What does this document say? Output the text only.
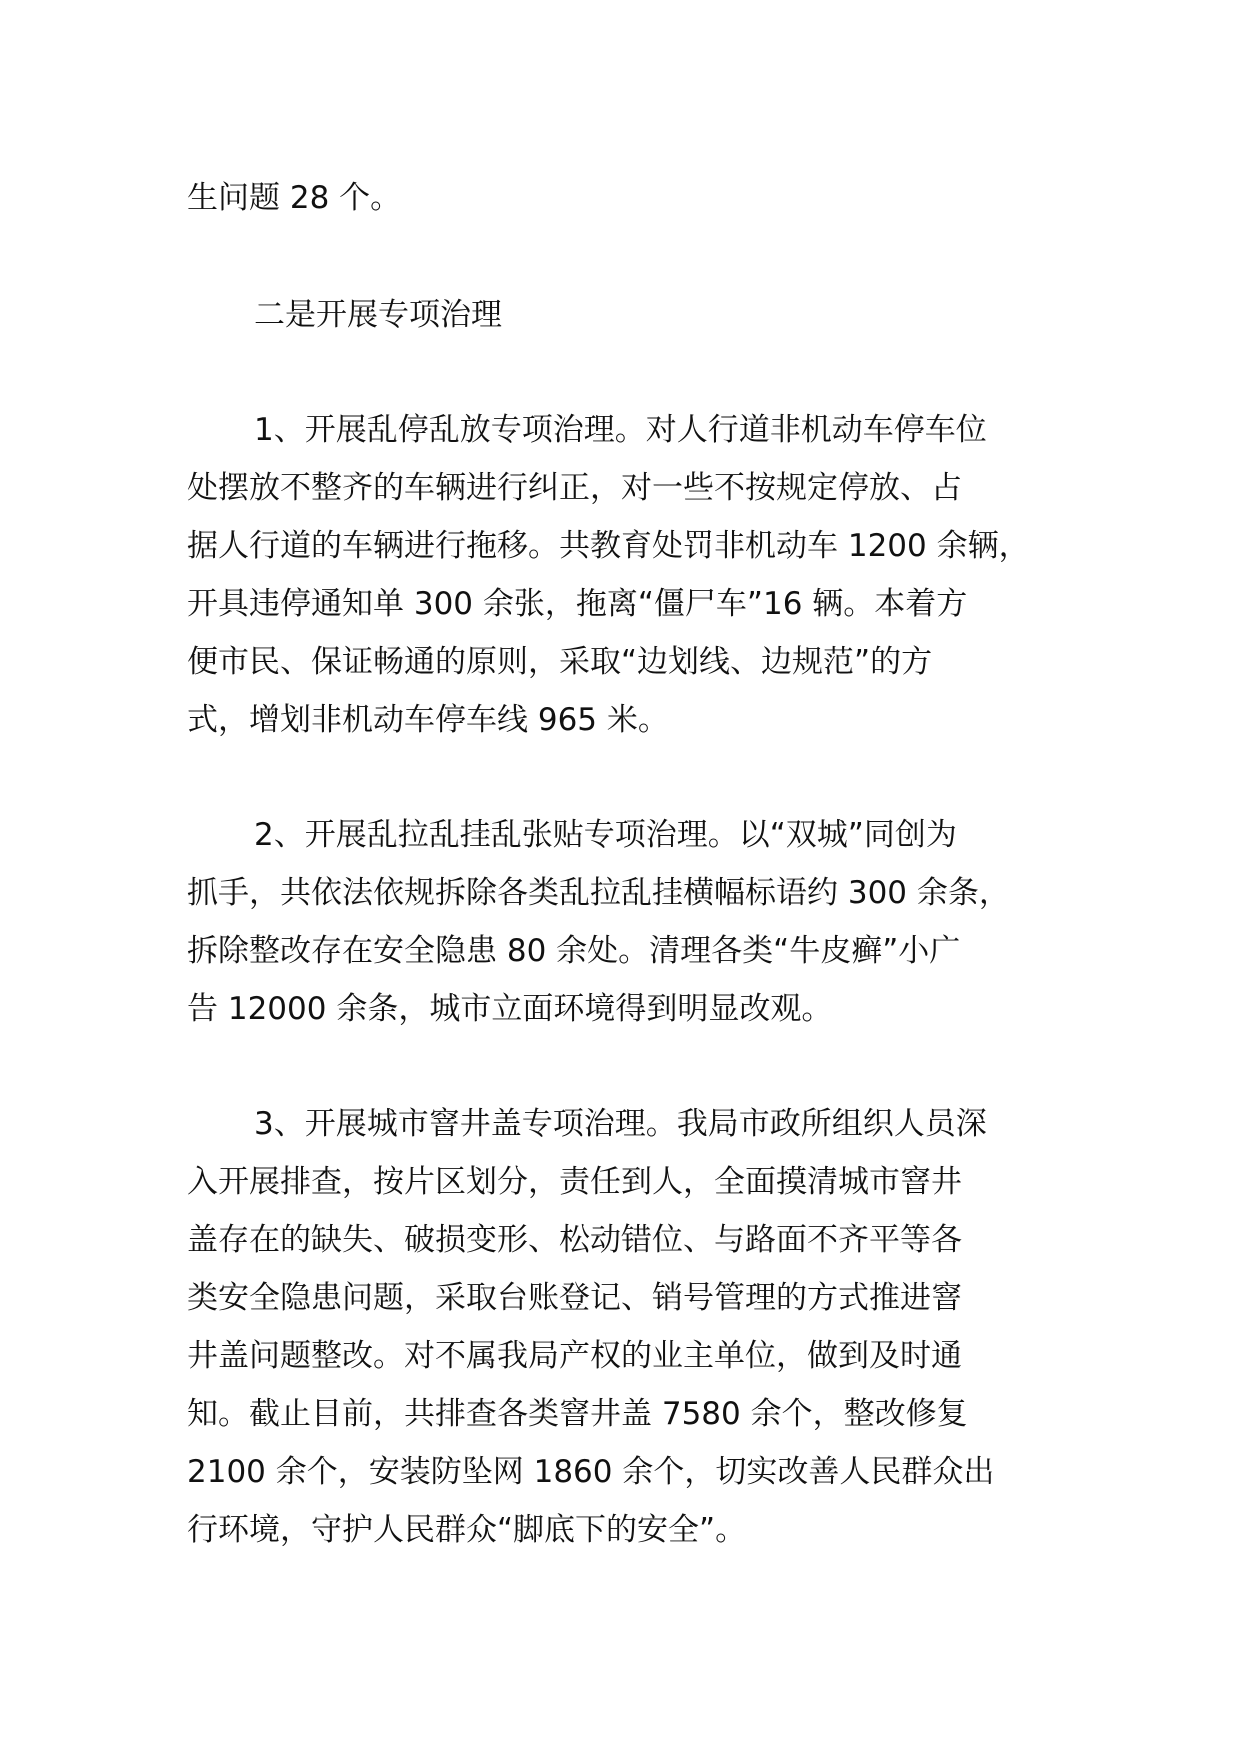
生问题 28 个。
二是开展专项治理
1、开展乱停乱放专项治理。对人行道非机动车停车位
处摆放不整齐的车辆进行纠正，对一些不按规定停放、占
据人行道的车辆进行拖移。共教育处罚非机动车 1200 余辆，
开具违停通知单 300 余张，拖离“僵尸车”16 辆。本着方
便市民、保证畅通的原则，采取“边划线、边规范”的方
式，增划非机动车停车线 965 米。
2、开展乱拉乱挂乱张贴专项治理。以“双城”同创为
抓手，共依法依规拆除各类乱拉乱挂横幅标语约 300 余条，
拆除整改存在安全隐患 80 余处。清理各类“牛皮癣”小广
告 12000 余条，城市立面环境得到明显改观。
3、开展城市窨井盖专项治理。我局市政所组织人员深
入开展排查，按片区划分，责任到人，全面摸清城市窨井
盖存在的缺失、破损变形、松动错位、与路面不齐平等各
类安全隐患问题，采取台账登记、销号管理的方式推进窨
井盖问题整改。对不属我局产权的业主单位，做到及时通
知。截止目前，共排查各类窨井盖 7580 余个，整改修复
2100 余个，安装防坠网 1860 余个，切实改善人民群众出
行环境，守护人民群众“脚底下的安全”。
